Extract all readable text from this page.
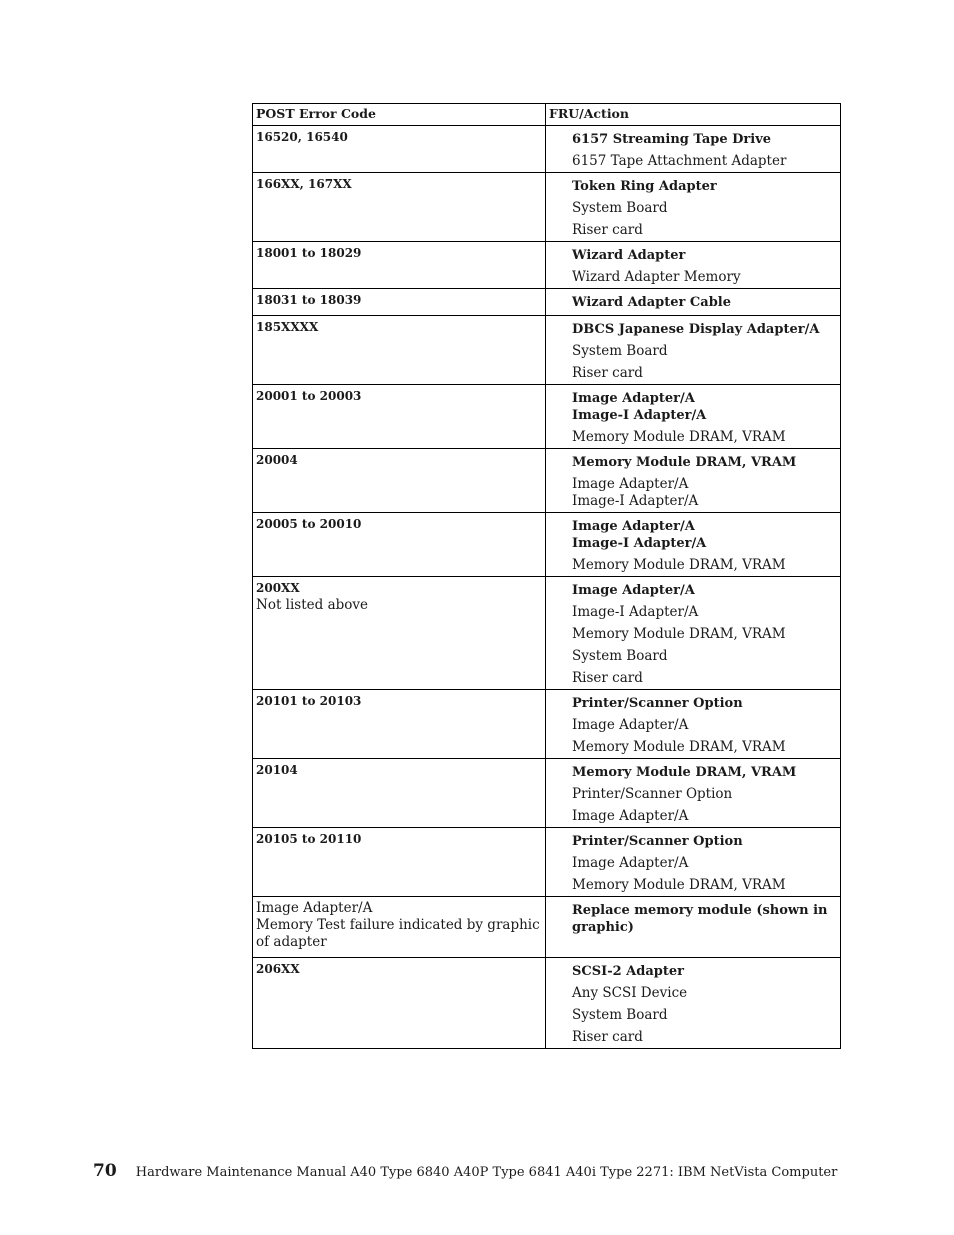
POST Error Code	FRU/Action

16520, 16540	6157 Streaming Tape Drive
6157 Tape Attachment Adapter

166XX, 167XX	Token Ring Adapter
System Board
Riser card

18001 to 18029	Wizard Adapter
Wizard Adapter Memory

18031 to 18039	Wizard Adapter Cable

185XXXX	DBCS Japanese Display Adapter/A
System Board
Riser card

20001 to 20003	Image Adapter/A
Image-I Adapter/A
Memory Module DRAM, VRAM

20004	Memory Module DRAM, VRAM
Image Adapter/A
Image-I Adapter/A

20005 to 20010	Image Adapter/A
Image-I Adapter/A
Memory Module DRAM, VRAM

200XX
Not listed above	Image Adapter/A
Image-I Adapter/A
Memory Module DRAM, VRAM
System Board
Riser card

20101 to 20103	Printer/Scanner Option
Image Adapter/A
Memory Module DRAM, VRAM

20104	Memory Module DRAM, VRAM
Printer/Scanner Option
Image Adapter/A

20105 to 20110	Printer/Scanner Option
Image Adapter/A
Memory Module DRAM, VRAM

Image Adapter/A
Memory Test failure indicated by graphic of adapter	Replace memory module (shown in graphic)

206XX	SCSI-2 Adapter
Any SCSI Device
System Board
Riser card
70 Hardware Maintenance Manual A40 Type 6840 A40P Type 6841 A40i Type 2271: IBM NetVista Computer
